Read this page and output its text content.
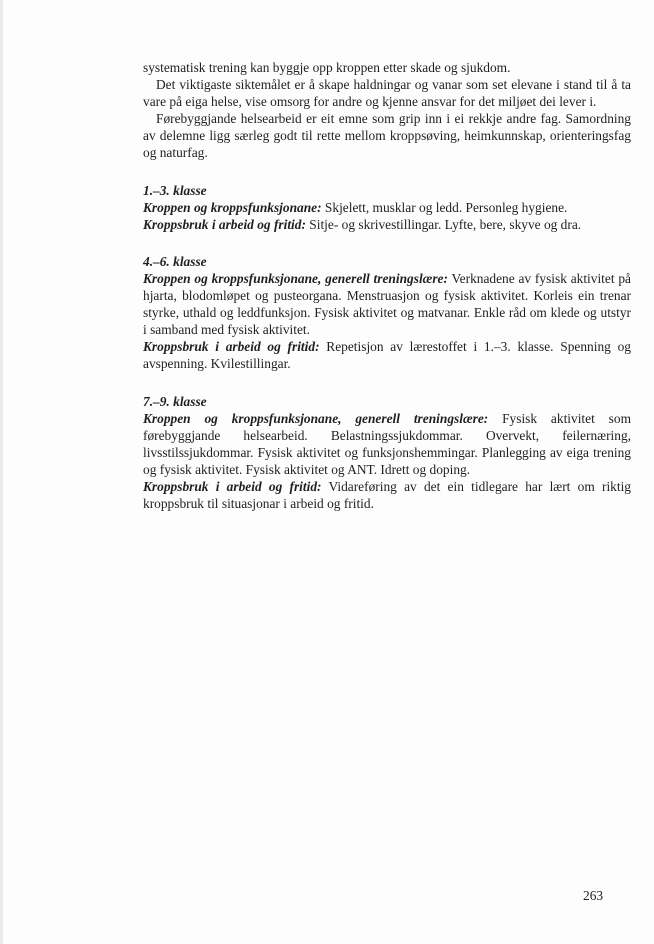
systematisk trening kan byggje opp kroppen etter skade og sjukdom.

Det viktigaste siktemålet er å skape haldningar og vanar som set elevane i stand til å ta vare på eiga helse, vise omsorg for andre og kjenne ansvar for det miljøet dei lever i.

Førebyggjande helsearbeid er eit emne som grip inn i ei rekkje andre fag. Samordning av delemne ligg særleg godt til rette mellom kroppsøving, heimkunnskap, orienteringsfag og naturfag.

1.–3. klasse

Kroppen og kroppsfunksjonane: Skjelett, musklar og ledd. Personleg hygiene.

Kroppsbruk i arbeid og fritid: Sitje- og skrivestillingar. Lyfte, bere, skyve og dra.

4.–6. klasse

Kroppen og kroppsfunksjonane, generell treningslære: Verknadene av fysisk aktivitet på hjarta, blodomløpet og pusteorgana. Menstruasjon og fysisk aktivitet. Korleis ein trenar styrke, uthald og leddfunksjon. Fysisk aktivitet og matvanar. Enkle råd om klede og utstyr i samband med fysisk aktivitet.

Kroppsbruk i arbeid og fritid: Repetisjon av lærestoffet i 1.–3. klasse. Spenning og avspenning. Kvilestillingar.

7.–9. klasse

Kroppen og kroppsfunksjonane, generell treningslære: Fysisk aktivitet som førebyggjande helsearbeid. Belastningssjukdommar. Overvekt, feilernæring, livsstilssjukdommar. Fysisk aktivitet og funksjonshemmingar. Planlegging av eiga trening og fysisk aktivitet. Fysisk aktivitet og ANT. Idrett og doping.

Kroppsbruk i arbeid og fritid: Vidareføring av det ein tidlegare har lært om riktig kroppsbruk til situasjonar i arbeid og fritid.

263
